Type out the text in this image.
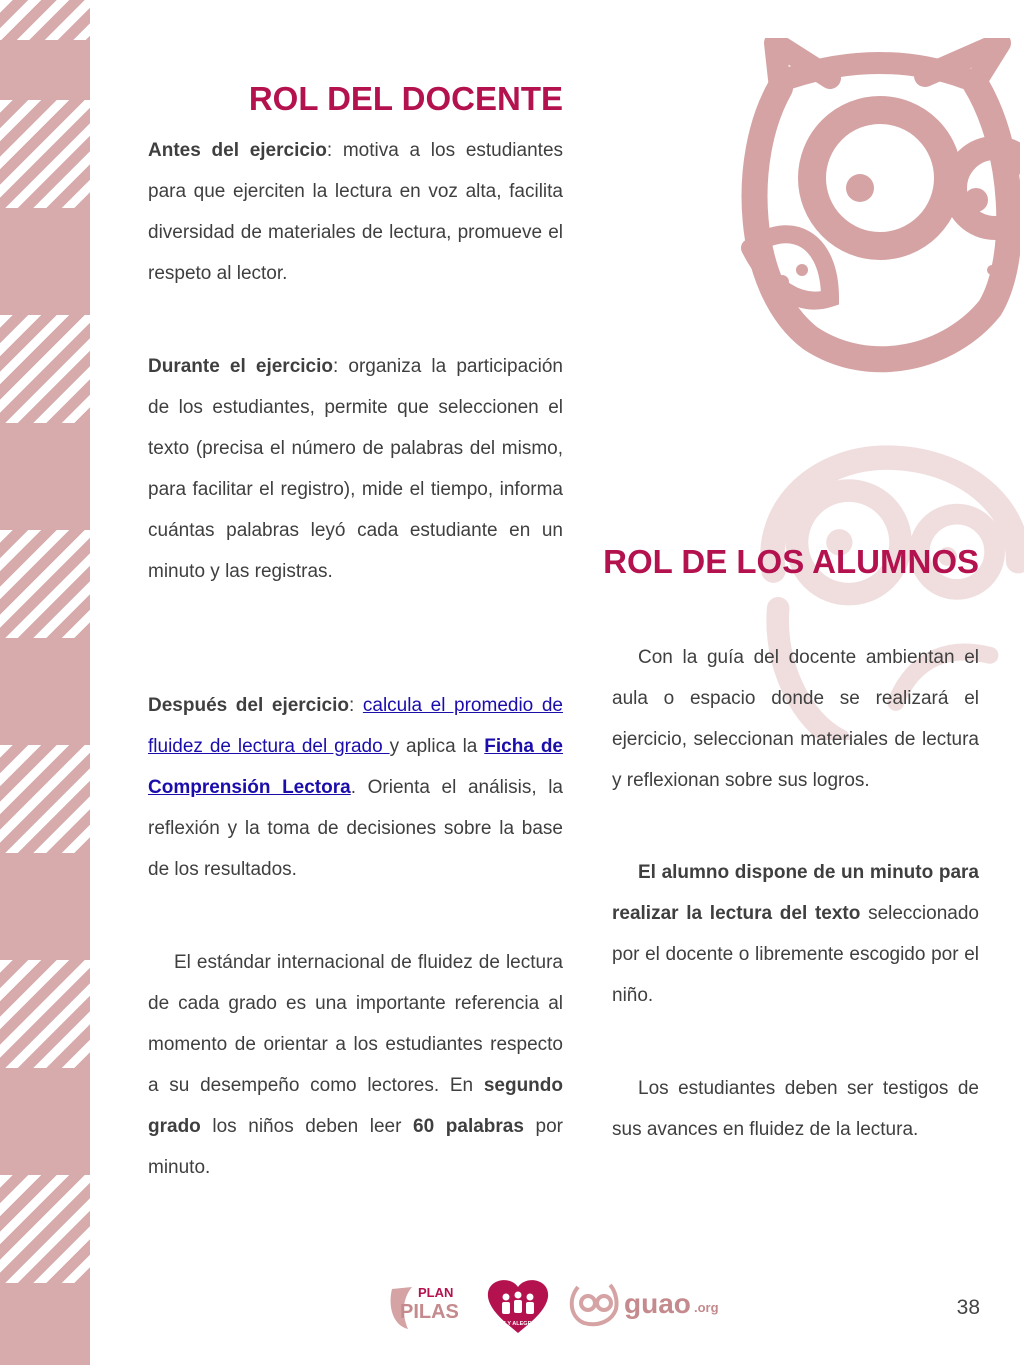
ROL DEL DOCENTE

Antes del ejercicio: motiva a los estudiantes para que ejerciten la lectura en voz alta, facilita diversidad de materiales de lectura, promueve el respeto al lector.

Durante el ejercicio: organiza la participación de los estudiantes, permite que seleccionen el texto (precisa el número de palabras del mismo, para facilitar el registro), mide el tiempo, informa cuántas palabras leyó cada estudiante en un minuto y las registras.

Después del ejercicio: calcula el promedio de fluidez de lectura del grado y aplica la Ficha de Comprensión Lectora. Orienta el análisis, la reflexión y la toma de decisiones sobre la base de los resultados.

El estándar internacional de fluidez de lectura de cada grado es una importante referencia al momento de orientar a los estudiantes respecto a su desempeño como lectores. En segundo grado los niños deben leer 60 palabras por minuto.

ROL DE LOS ALUMNOS

Con la guía del docente ambientan el aula o espacio donde se realizará el ejercicio, seleccionan materiales de lectura y reflexionan sobre sus logros.

El alumno dispone de un minuto para realizar la lectura del texto seleccionado por el docente o libremente escogido por el niño.

Los estudiantes deben ser testigos de sus avances en fluidez de la lectura.

PLAN
PILAS
FE Y ALEGRIA
guao .org	38
